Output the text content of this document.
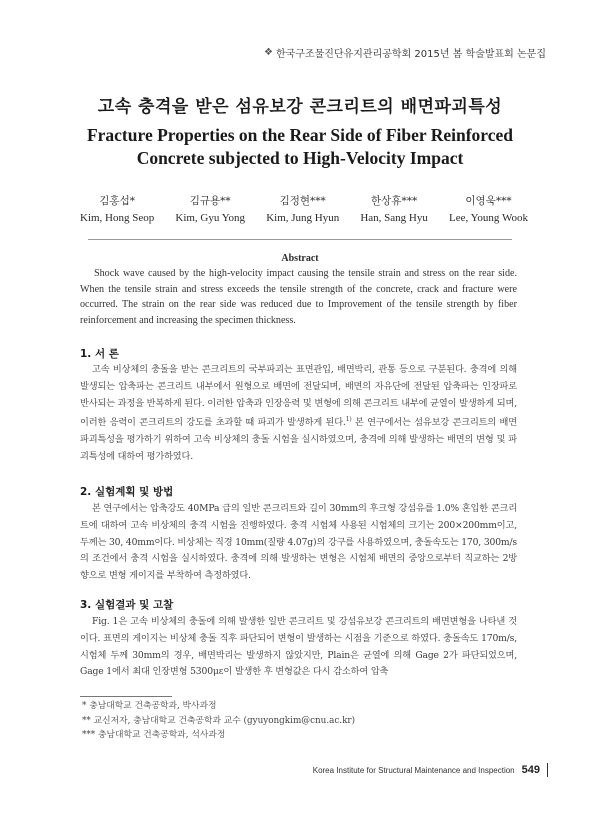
❖ 한국구조물진단유지관리공학회 2015년 봄 학술발표회 논문집
고속 충격을 받은 섬유보강 콘크리트의 배면파괴특성
Fracture Properties on the Rear Side of Fiber Reinforced
Concrete subjected to High-Velocity Impact
김홍섭*
Kim, Hong Seop
김규용**
Kim, Gyu Yong
김정현***
Kim, Jung Hyun
한상휴***
Han, Sang Hyu
이영욱***
Lee, Young Wook
Abstract

Shock wave caused by the high-velocity impact causing the tensile strain and stress on the rear side. When the tensile strain and stress exceeds the tensile strength of the concrete, crack and fracture were occurred. The strain on the rear side was reduced due to Improvement of the tensile strength by fiber reinforcement and increasing the specimen thickness.

1. 서 론

고속 비상체의 충돌을 받는 콘크리트의 국부파괴는 표면관입, 배면박리, 관통 등으로 구분된다. 충격에 의해 발생되는 압축파는 콘크리트 내부에서 원형으로 배면에 전달되며, 배면의 자유단에 전달된 압축파는 인장파로 반사되는 과정을 반복하게 된다. 이러한 압축과 인장응력 및 변형에 의해 콘크리트 내부에 균열이 발생하게 되며, 이러한 응력이 콘크리트의 강도를 초과할 때 파괴가 발생하게 된다.$^{1)}$ 본 연구에서는 섬유보강 콘크리트의 배면파괴특성을 평가하기 위하여 고속 비상체의 충돌 시험을 실시하였으며, 충격에 의해 발생하는 배면의 변형 및 파괴특성에 대하여 평가하였다.

2. 실험계획 및 방법

본 연구에서는 압축강도 40MPa 급의 일반 콘크리트와 길이 30mm의 후크형 강섬유를 1.0% 혼입한 콘크리트에 대하여 고속 비상체의 충격 시험을 진행하였다. 충격 시험체 사용된 시험체의 크기는 200×200mm이고, 두께는 30, 40mm이다. 비상체는 직경 10mm(질량 4.07g)의 강구를 사용하였으며, 충돌속도는 170, 300m/s의 조건에서 충격 시험을 실시하였다. 충격에 의해 발생하는 변형은 시험체 배면의 중앙으로부터 직교하는 2방향으로 변형 게이지를 부착하여 측정하였다.

3. 실험결과 및 고찰

Fig. 1은 고속 비상체의 충돌에 의해 발생한 일반 콘크리트 및 강섬유보강 콘크리트의 배면변형을 나타낸 것이다. 표면의 게이지는 비상체 충돌 직후 파단되어 변형이 발생하는 시점을 기준으로 하였다. 충돌속도 170m/s, 시험체 두께 30mm의 경우, 배면박리는 발생하지 않았지만, Plain은 균열에 의해 Gage 2가 파단되었으며, Gage 1에서 최대 인장변형 5300με이 발생한 후 변형값은 다시 감소하여 압축

* 충남대학교 건축공학과, 박사과정
** 교신저자, 충남대학교 건축공학과 교수 (gyuyongkim@cnu.ac.kr)
*** 충남대학교 건축공학과, 석사과정
Korea Institute for Structural Maintenance and Inspection 549
